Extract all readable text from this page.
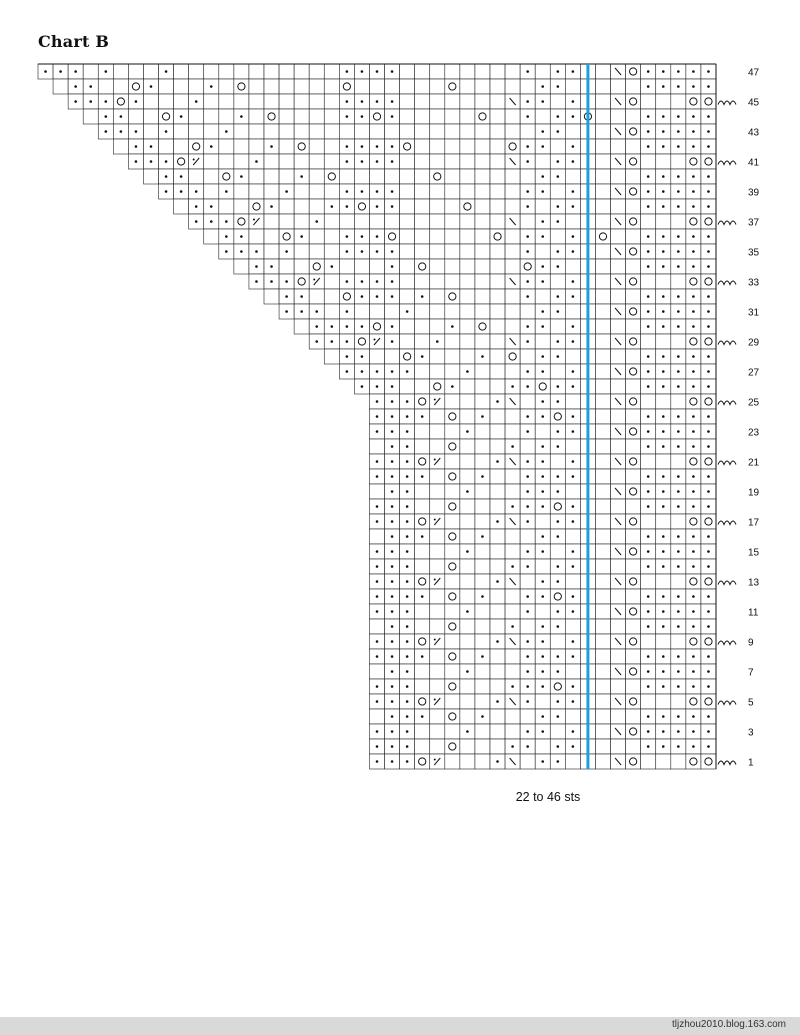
Chart B
47
45
43
41
39
37
35
33
31
29
27
25
23
21
19
17
15
13
11
9
7
5
3
1
22 to 46 sts
tljzhou2010.blog.163.com
